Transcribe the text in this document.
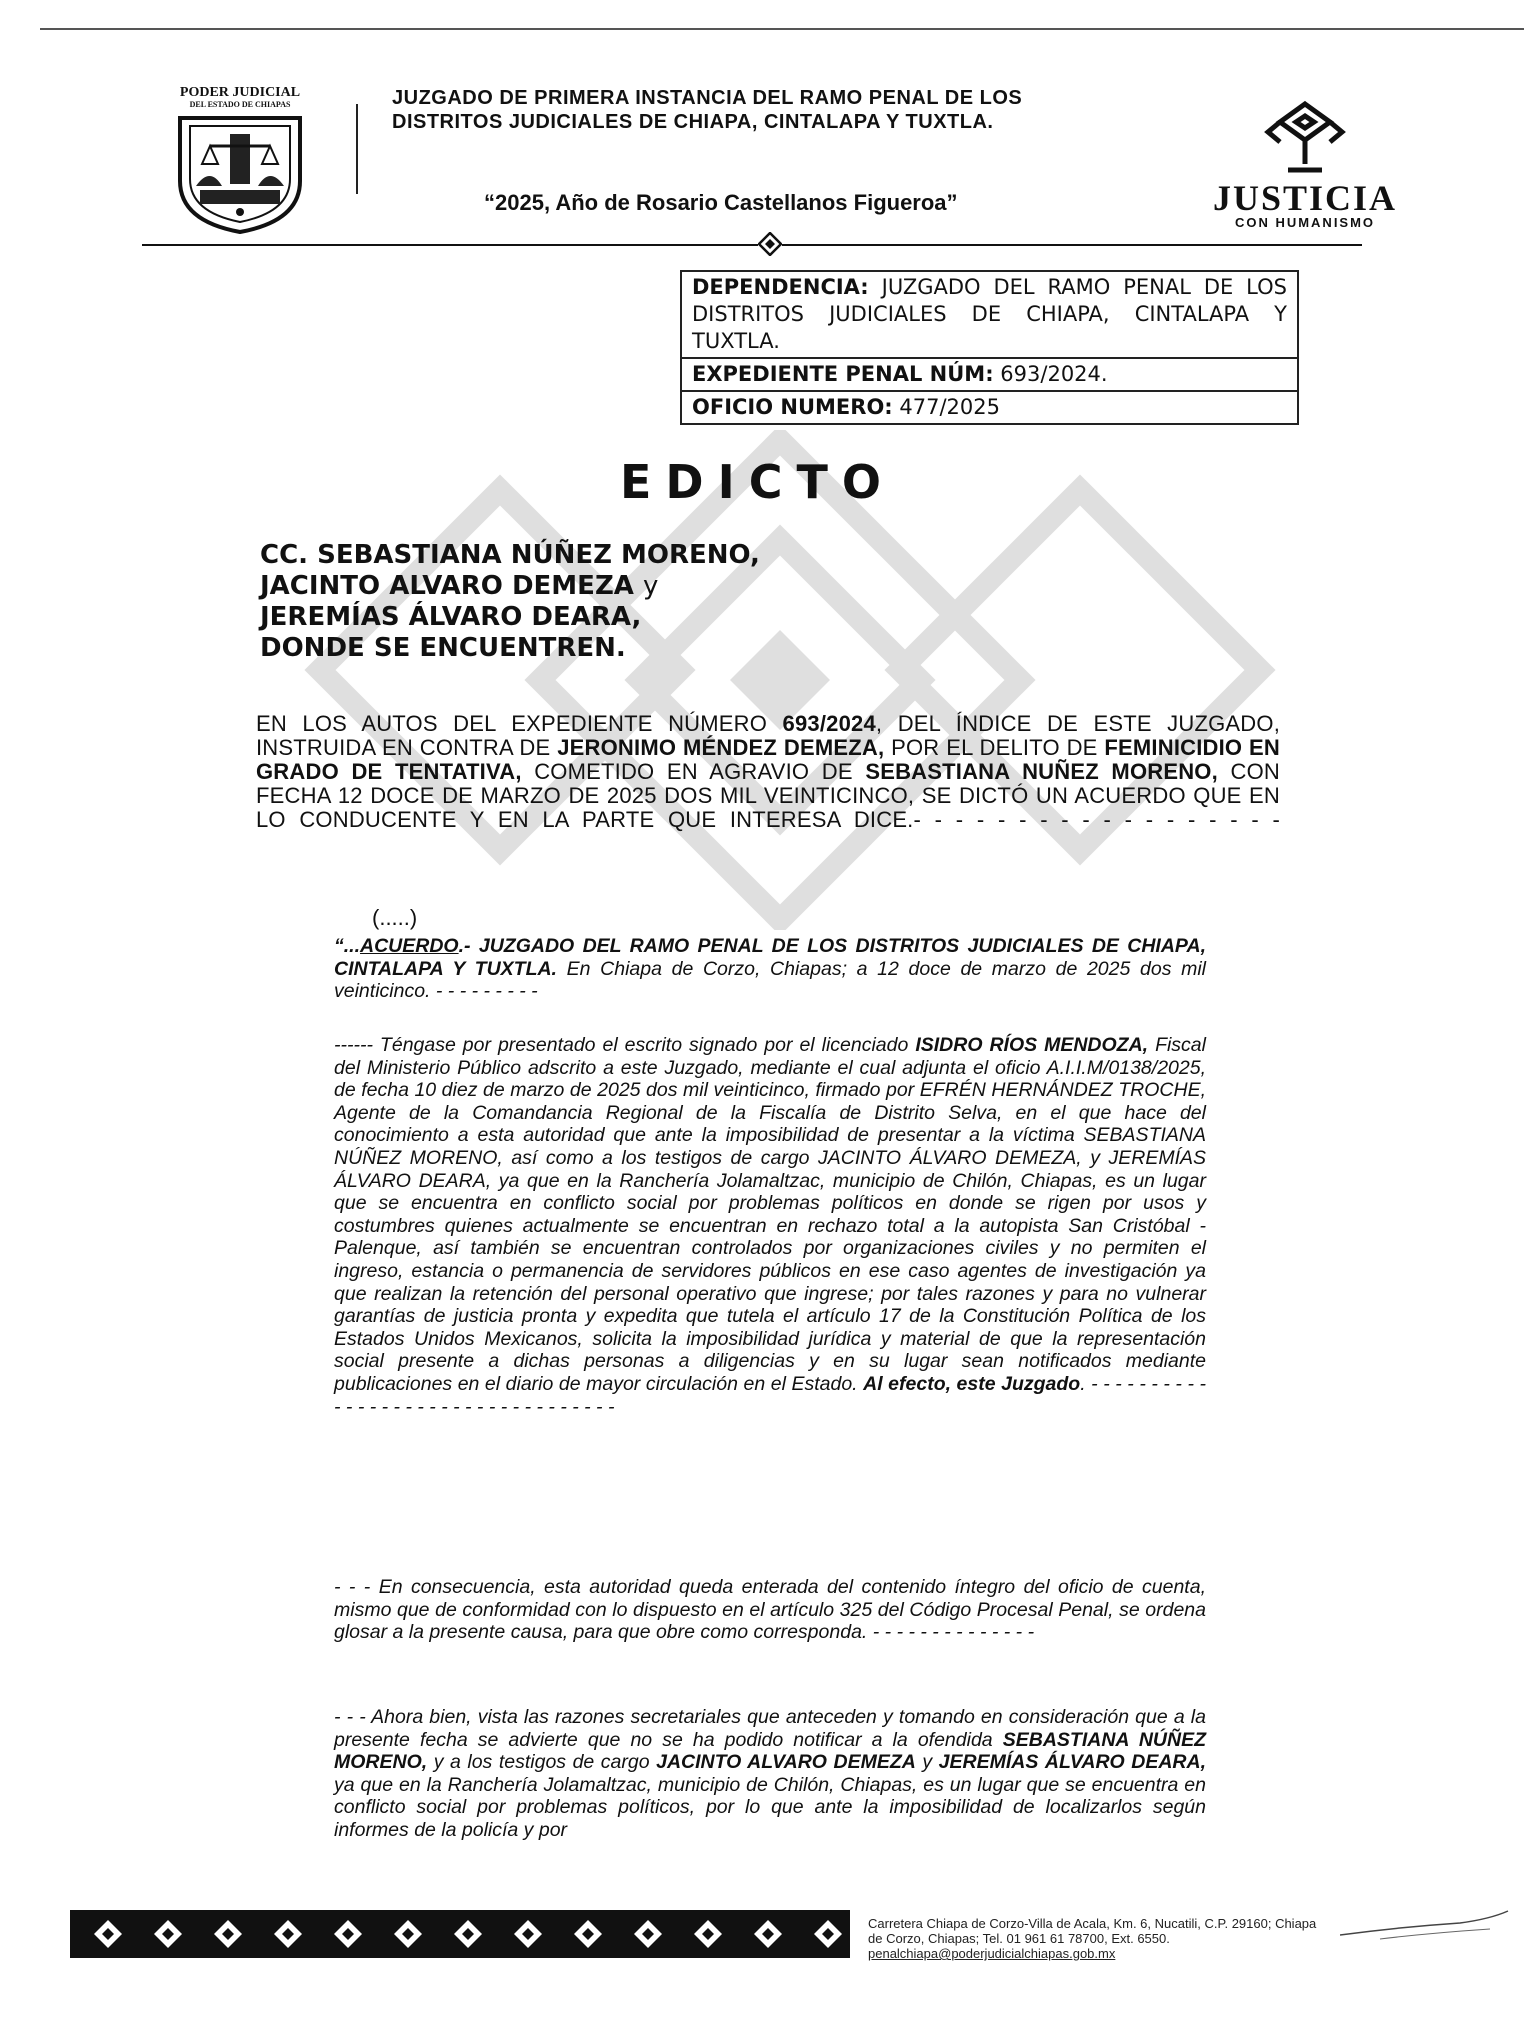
PODER JUDICIAL
DEL ESTADO DE CHIAPAS	JUZGADO DE PRIMERA INSTANCIA DEL RAMO PENAL DE LOS
DISTRITOS JUDICIALES DE CHIAPA, CINTALAPA Y TUXTLA.
“2025, Año de Rosario Castellanos Figueroa”	JUSTICIA
CON HUMANISMO
DEPENDENCIA: JUZGADO DEL RAMO PENAL DE LOS DISTRITOS JUDICIALES DE CHIAPA, CINTALAPA Y TUXTLA.
EXPEDIENTE PENAL NÚM: 693/2024.
OFICIO NUMERO: 477/2025
EDICTO
CC. SEBASTIANA NÚÑEZ MORENO,
JACINTO ALVARO DEMEZA y
JEREMÍAS ÁLVARO DEARA,
DONDE SE ENCUENTREN.
EN LOS AUTOS DEL EXPEDIENTE NÚMERO 693/2024, DEL ÍNDICE DE ESTE JUZGADO, INSTRUIDA EN CONTRA DE JERONIMO MÉNDEZ DEMEZA, POR EL DELITO DE FEMINICIDIO EN GRADO DE TENTATIVA, COMETIDO EN AGRAVIO DE SEBASTIANA NUÑEZ MORENO, CON FECHA 12 DOCE DE MARZO DE 2025 DOS MIL VEINTICINCO, SE DICTÓ UN ACUERDO QUE EN LO CONDUCENTE Y EN LA PARTE QUE INTERESA DICE.- - - - - - - - - - - - - - - - - -
(.....)
“...ACUERDO.- JUZGADO DEL RAMO PENAL DE LOS DISTRITOS JUDICIALES DE CHIAPA, CINTALAPA Y TUXTLA. En Chiapa de Corzo, Chiapas; a 12 doce de marzo de 2025 dos mil veinticinco. - - - - - - - - -
------ Téngase por presentado el escrito signado por el licenciado ISIDRO RÍOS MENDOZA, Fiscal del Ministerio Público adscrito a este Juzgado, mediante el cual adjunta el oficio A.I.I.M/0138/2025, de fecha 10 diez de marzo de 2025 dos mil veinticinco, firmado por EFRÉN HERNÁNDEZ TROCHE, Agente de la Comandancia Regional de la Fiscalía de Distrito Selva, en el que hace del conocimiento a esta autoridad que ante la imposibilidad de presentar a la víctima SEBASTIANA NÚÑEZ MORENO, así como a los testigos de cargo JACINTO ÁLVARO DEMEZA, y JEREMÍAS ÁLVARO DEARA, ya que en la Ranchería Jolamaltzac, municipio de Chilón, Chiapas, es un lugar que se encuentra en conflicto social por problemas políticos en donde se rigen por usos y costumbres quienes actualmente se encuentran en rechazo total a la autopista San Cristóbal - Palenque, así también se encuentran controlados por organizaciones civiles y no permiten el ingreso, estancia o permanencia de servidores públicos en ese caso agentes de investigación ya que realizan la retención del personal operativo que ingrese; por tales razones y para no vulnerar garantías de justicia pronta y expedita que tutela el artículo 17 de la Constitución Política de los Estados Unidos Mexicanos, solicita la imposibilidad jurídica y material de que la representación social presente a dichas personas a diligencias y en su lugar sean notificados mediante publicaciones en el diario de mayor circulación en el Estado. Al efecto, este Juzgado. - - - - - - - - - - - - - - - - - - - - - - - - - - - - - - - - - -
- - - En consecuencia, esta autoridad queda enterada del contenido íntegro del oficio de cuenta, mismo que de conformidad con lo dispuesto en el artículo 325 del Código Procesal Penal, se ordena glosar a la presente causa, para que obre como corresponda. - - - - - - - - - - - - - -
- - - Ahora bien, vista las razones secretariales que anteceden y tomando en consideración que a la presente fecha se advierte que no se ha podido notificar a la ofendida SEBASTIANA NÚÑEZ MORENO, y a los testigos de cargo JACINTO ALVARO DEMEZA y JEREMÍAS ÁLVARO DEARA, ya que en la Ranchería Jolamaltzac, municipio de Chilón, Chiapas, es un lugar que se encuentra en conflicto social por problemas políticos, por lo que ante la imposibilidad de localizarlos según informes de la policía y por
Carretera Chiapa de Corzo-Villa de Acala, Km. 6, Nucatili, C.P. 29160; Chiapa
de Corzo, Chiapas; Tel. 01 961 61 78700, Ext. 6550.
penalchiapa@poderjudicialchiapas.gob.mx
